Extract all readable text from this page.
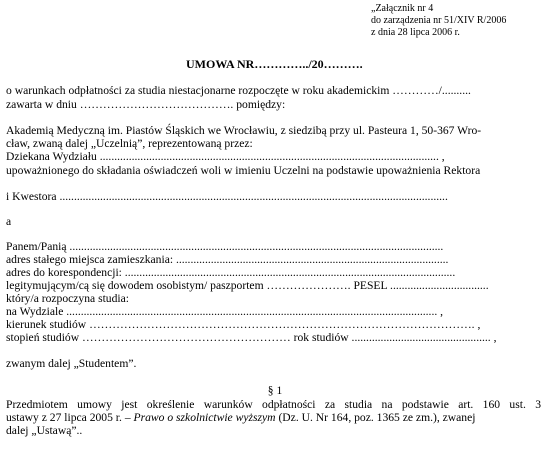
„Załącznik nr 4
do zarządzenia nr 51/XIV R/2006
z dnia 28 lipca 2006 r.
UMOWA NR…………../20……….
o warunkach odpłatności za studia niestacjonarne rozpoczęte w roku akademickim …………/..........
zawarta w dniu …………………………………. pomiędzy:
Akademią Medyczną im. Piastów Śląskich we Wrocławiu, z siedzibą przy ul. Pasteura 1, 50-367 Wro-
cław, zwaną dalej „Uczelnią”, reprezentowaną przez:
Dziekana Wydziału ..................................................................................................................... ,
upoważnionego do składania oświadczeń woli w imieniu Uczelni na podstawie upoważnienia Rektora
i Kwestora ......................................................................................................................................
a
Panem/Panią .................................................................................................................................
adres stałego miejsca zamieszkania: ..............................................................................................
adres do korespondencji: ..................................................................................................................
legitymującym/cą się dowodem osobistym/ paszportem …………………. PESEL ..................................
który/a rozpoczyna studia:
na Wydziale ................................................................................................................................ ,
kierunek studiów ………………………………………………………………………………………. ,
stopień studiów ……………………………………………… rok studiów ................................................ ,
zwanym dalej „Studentem”.
§ 1
Przedmiotem umowy jest określenie warunków odpłatności za studia na podstawie art. 160 ust. 3
ustawy z 27 lipca 2005 r. – Prawo o szkolnictwie wyższym (Dz. U. Nr 164, poz. 1365 ze zm.), zwanej
dalej „Ustawą”..
